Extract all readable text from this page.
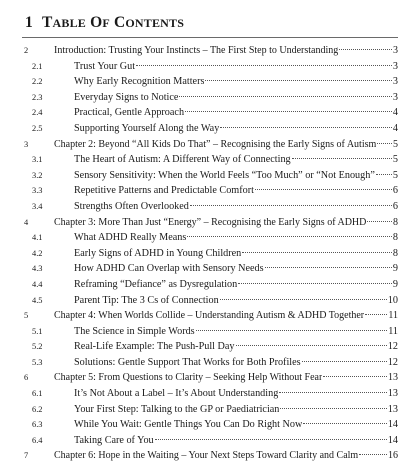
1 TABLE OF CONTENTS
2	Introduction: Trusting Your Instincts – The First Step to Understanding	3
2.1	Trust Your Gut	3
2.2	Why Early Recognition Matters	3
2.3	Everyday Signs to Notice	3
2.4	Practical, Gentle Approach	4
2.5	Supporting Yourself Along the Way	4
3	Chapter 2: Beyond “All Kids Do That” – Recognising the Early Signs of Autism 5
3.1	The Heart of Autism: A Different Way of Connecting	5
3.2	Sensory Sensitivity: When the World Feels “Too Much” or “Not Enough” 5
3.3	Repetitive Patterns and Predictable Comfort	6
3.4	Strengths Often Overlooked	6
4	Chapter 3: More Than Just “Energy” – Recognising the Early Signs of ADHD	8
4.1	What ADHD Really Means	8
4.2	Early Signs of ADHD in Young Children	8
4.3	How ADHD Can Overlap with Sensory Needs	9
4.4	Reframing “Defiance” as Dysregulation	9
4.5	Parent Tip: The 3 Cs of Connection	10
5	Chapter 4: When Worlds Collide – Understanding Autism & ADHD Together 11
5.1	The Science in Simple Words	11
5.2	Real-Life Example: The Push-Pull Day	12
5.3	Solutions: Gentle Support That Works for Both Profiles	12
6	Chapter 5: From Questions to Clarity – Seeking Help Without Fear	13
6.1	It’s Not About a Label – It’s About Understanding	13
6.2	Your First Step: Talking to the GP or Paediatrician	13
6.3	While You Wait: Gentle Things You Can Do Right Now	14
6.4	Taking Care of You	14
7	Chapter 6: Hope in the Waiting – Your Next Steps Toward Clarity and Calm	16
